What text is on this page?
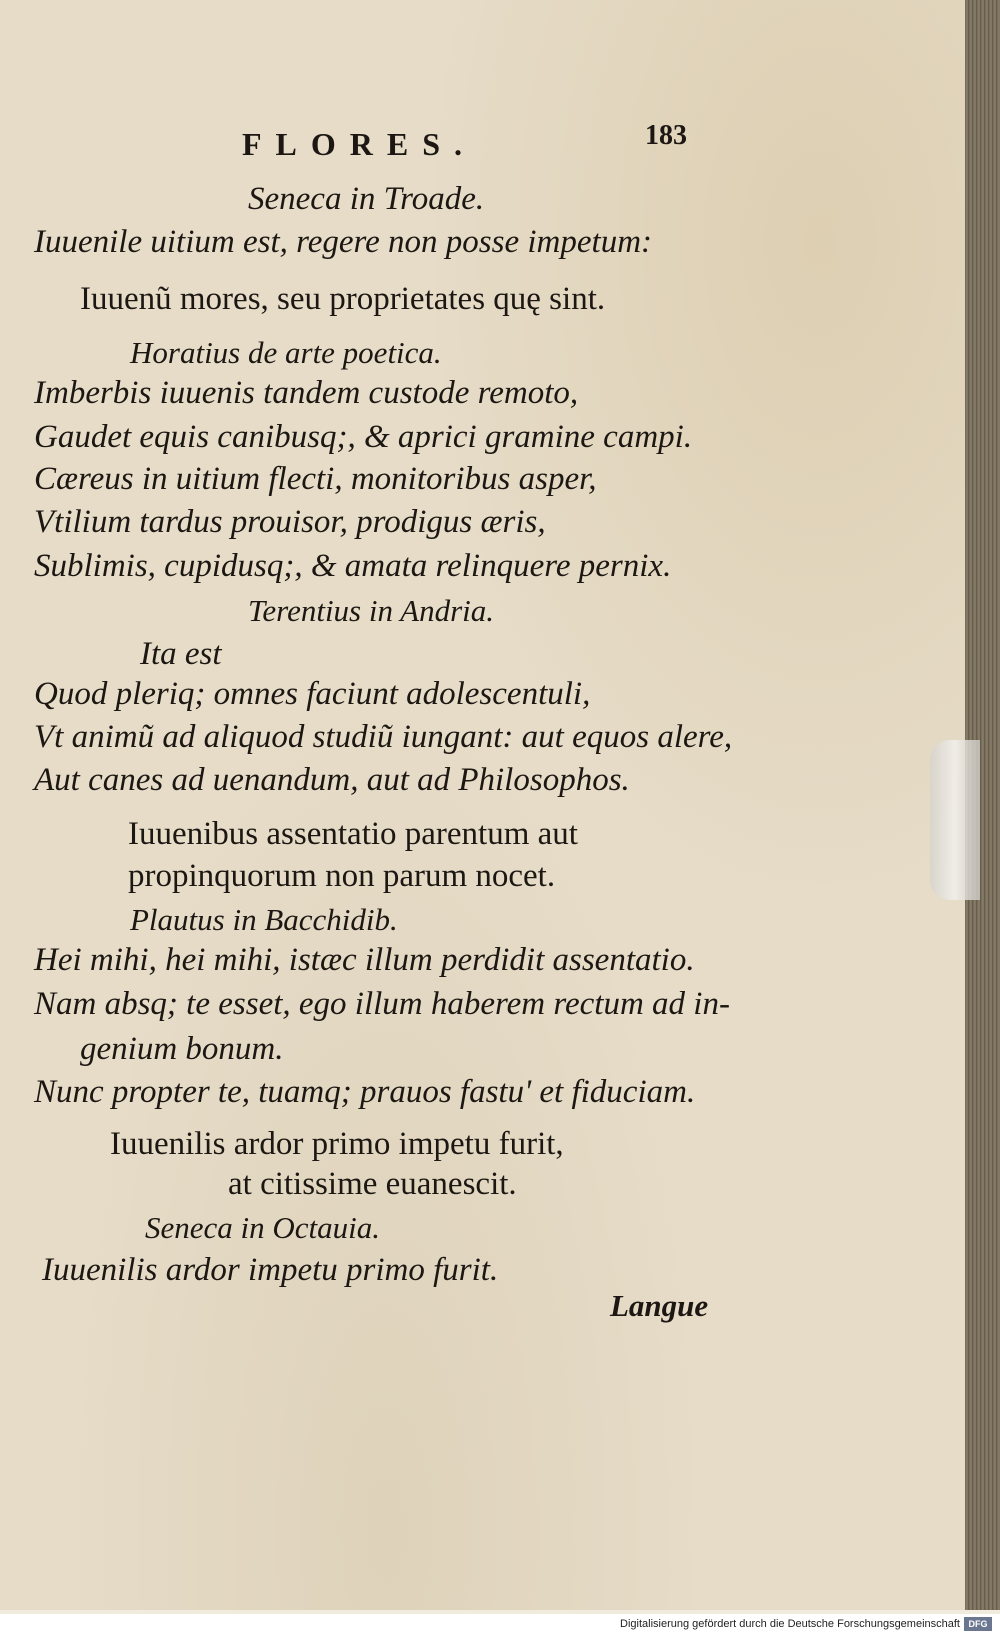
FLORES.	183
Seneca in Troade.
Iuuenile uitium est, regere non posse impetum:
Iuuenũ mores, seu proprietates quę sint.
Horatius de arte poetica.
Imberbis iuuenis tandem custode remoto,
Gaudet equis canibusq;, & aprici gramine campi.
Cæreus in uitium flecti, monitoribus asper,
Vtilium tardus prouisor, prodigus æris,
Sublimis, cupidusq;, & amata relinquere pernix.
Terentius in Andria.
Ita est
Quod pleriq; omnes faciunt adolescentuli,
Vt animũ ad aliquod studiũ iungant: aut equos alere,
Aut canes ad uenandum, aut ad Philosophos.
Iuuenibus assentatio parentum aut
propinquorum non parum nocet.
Plautus in Bacchidib.
Hei mihi, hei mihi, istæc illum perdidit assentatio.
Nam absq; te esset, ego illum haberem rectum ad in-
genium bonum.
Nunc propter te, tuamq; prauos fastu' et fiduciam.
Iuuenilis ardor primo impetu furit,
at citissime euanescit.
Seneca in Octauia.
Iuuenilis ardor impetu primo furit.
Langue
Digitalisierung gefördert durch die Deutsche Forschungsgemeinschaft DFG
